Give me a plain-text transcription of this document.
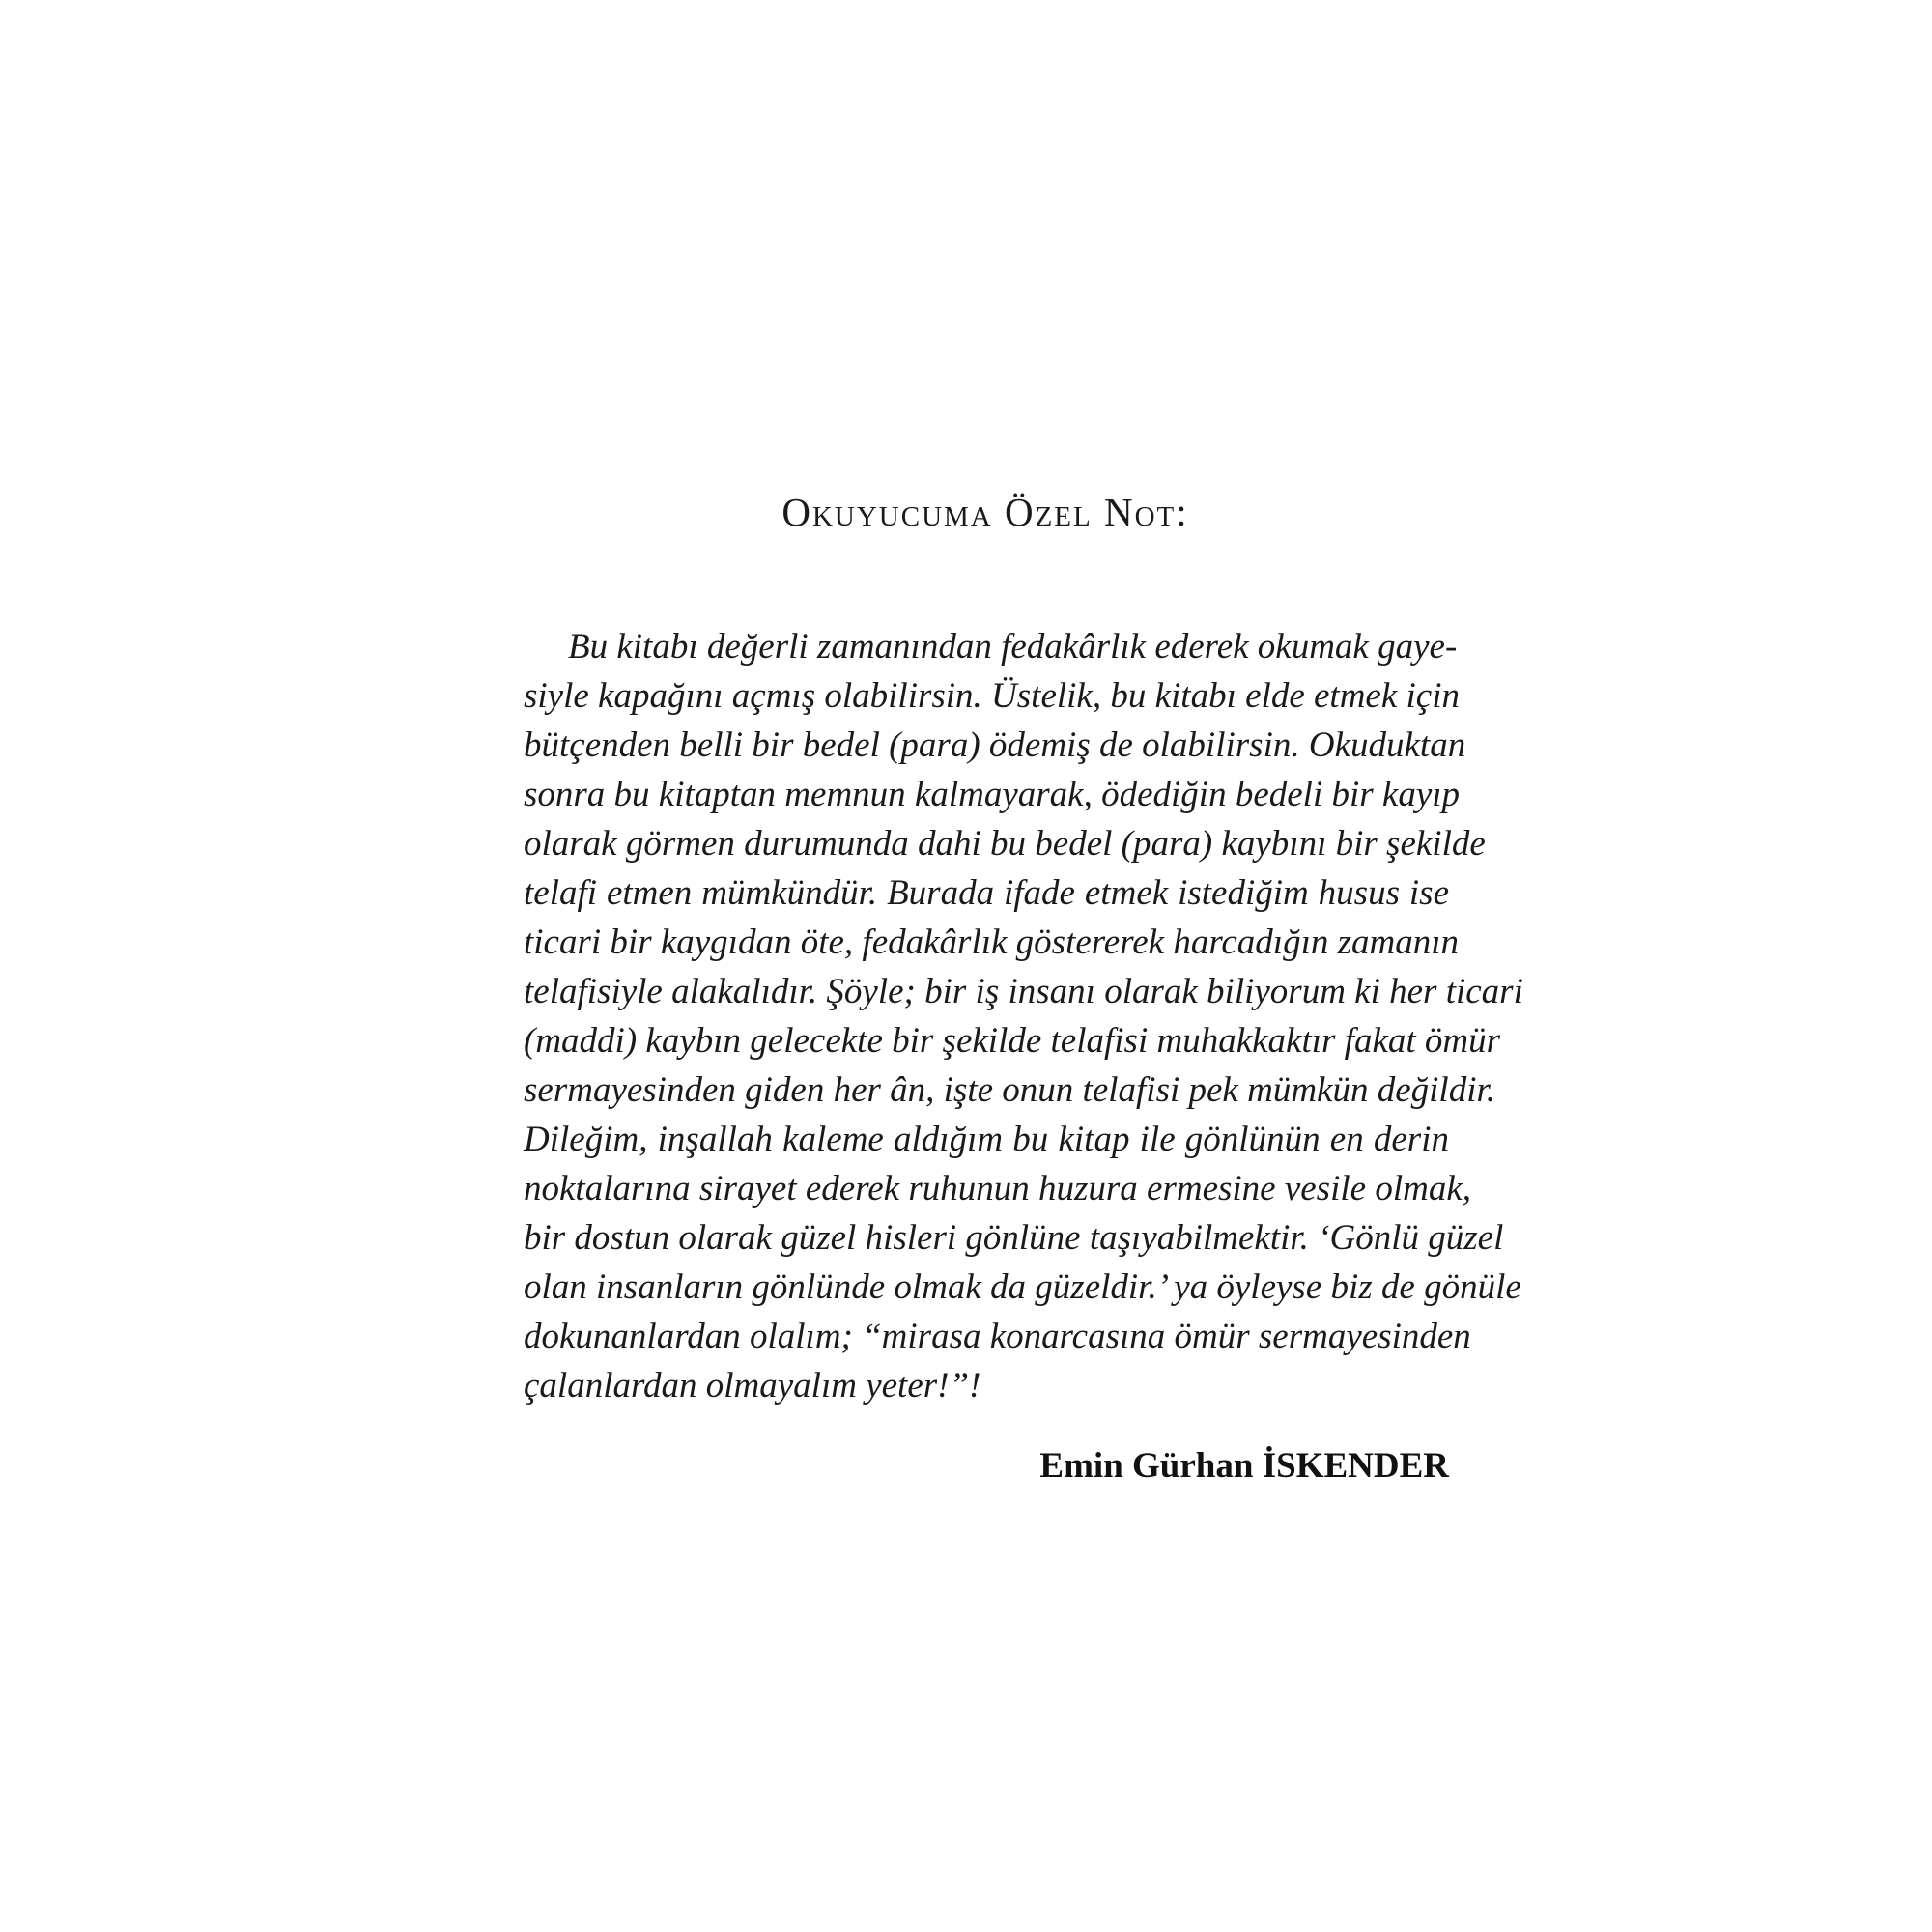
Okuyucuma Özel Not:
Bu kitabı değerli zamanından fedakârlık ederek okumak gaye-
siyle kapağını açmış olabilirsin. Üstelik, bu kitabı elde etmek için
bütçenden belli bir bedel (para) ödemiş de olabilirsin. Okuduktan
sonra bu kitaptan memnun kalmayarak, ödediğin bedeli bir kayıp
olarak görmen durumunda dahi bu bedel (para) kaybını bir şekilde
telafi etmen mümkündür. Burada ifade etmek istediğim husus ise
ticari bir kaygıdan öte, fedakârlık göstererek harcadığın zamanın
telafisiyle alakalıdır. Şöyle; bir iş insanı olarak biliyorum ki her ticari
(maddi) kaybın gelecekte bir şekilde telafisi muhakkaktır fakat ömür
sermayesinden giden her ân, işte onun telafisi pek mümkün değildir.
Dileğim, inşallah kaleme aldığım bu kitap ile gönlünün en derin
noktalarına sirayet ederek ruhunun huzura ermesine vesile olmak,
bir dostun olarak güzel hisleri gönlüne taşıyabilmektir. ‘Gönlü güzel
olan insanların gönlünde olmak da güzeldir.’ ya öyleyse biz de gönüle
dokunanlardan olalım; “mirasa konarcasına ömür sermayesinden
çalanlardan olmayalım yeter!”!

Emin Gürhan İSKENDER
